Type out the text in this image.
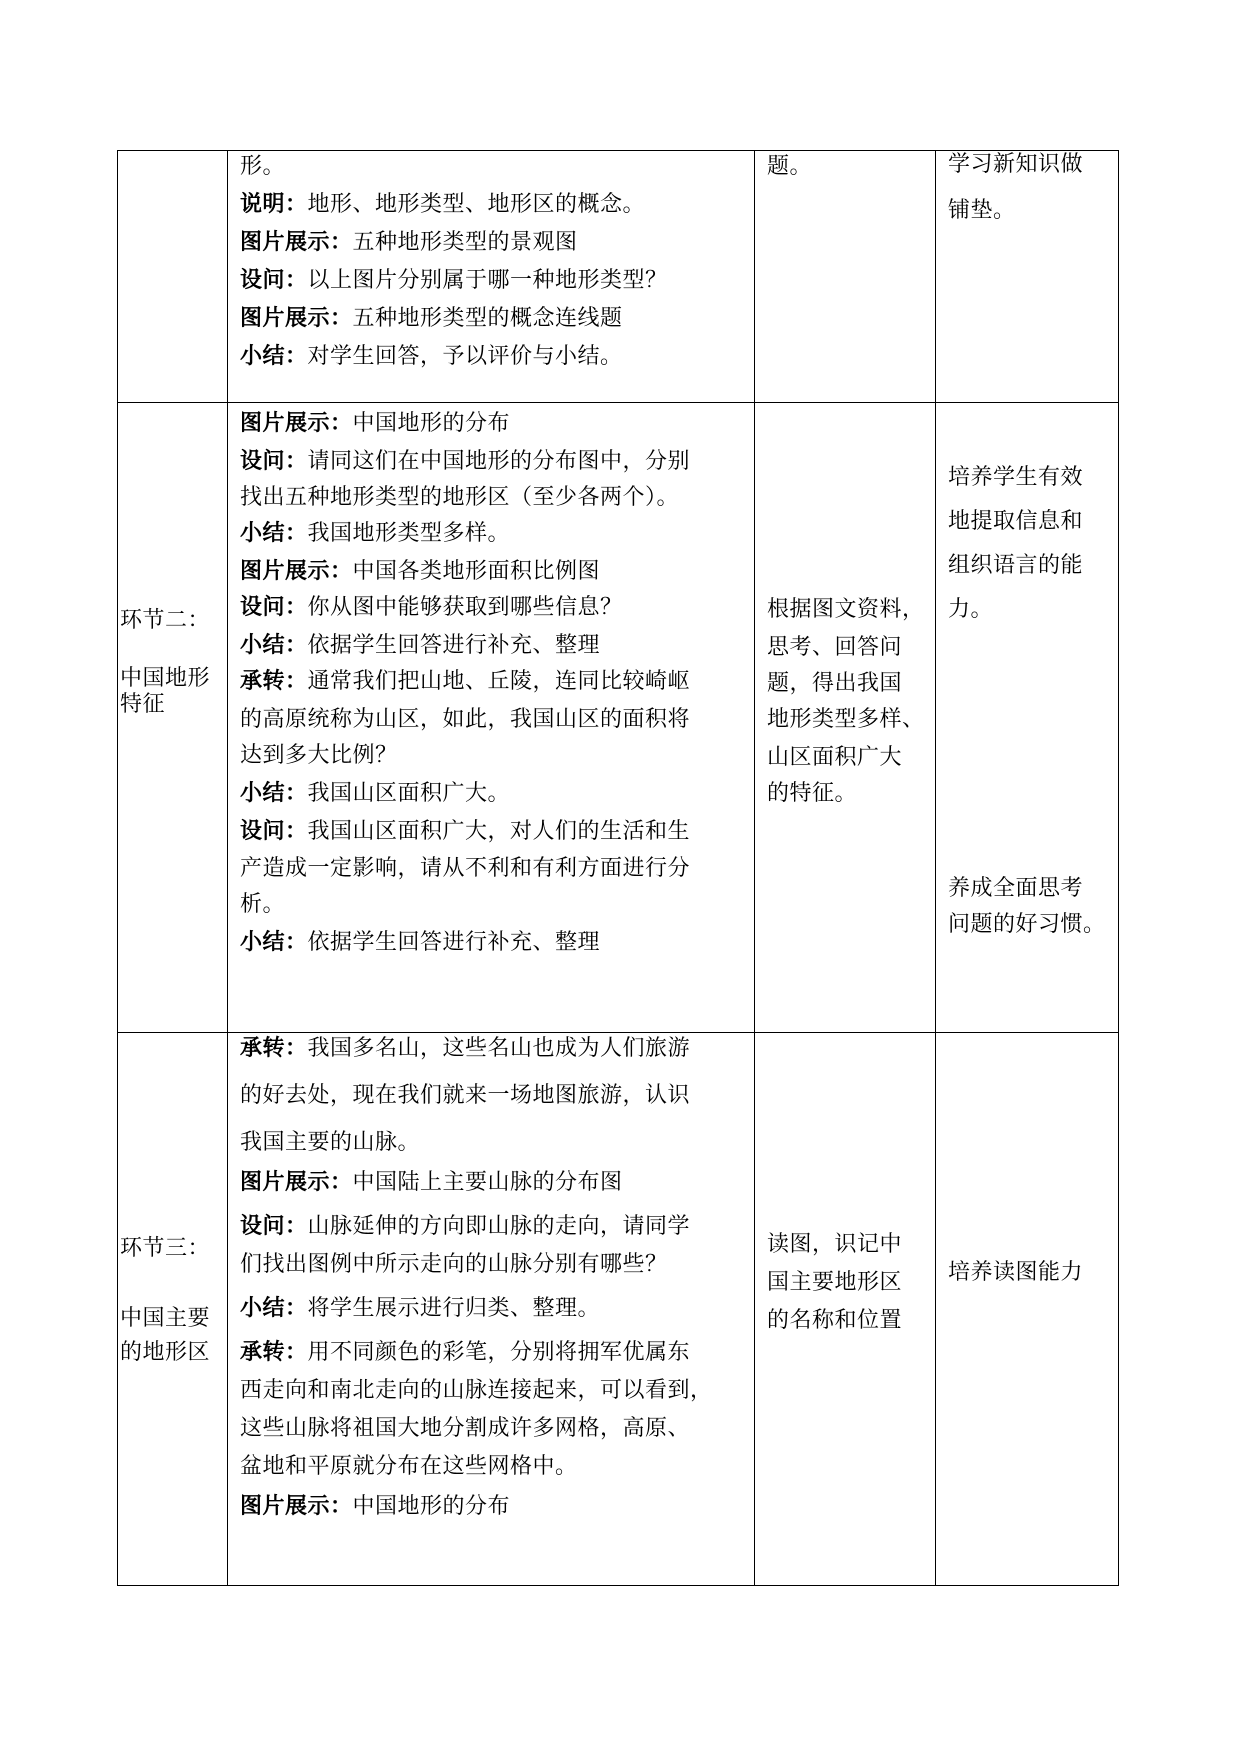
形。
说明：地形、地形类型、地形区的概念。
图片展示：五种地形类型的景观图
设问：以上图片分别属于哪一种地形类型？
图片展示：五种地形类型的概念连线题
小结：对学生回答，予以评价与小结。
题。	学习新知识做
铺垫。
环节二：
中国地形
特征
图片展示：中国地形的分布
设问：请同这们在中国地形的分布图中，分别
找出五种地形类型的地形区（至少各两个）。
小结：我国地形类型多样。
图片展示：中国各类地形面积比例图
设问：你从图中能够获取到哪些信息？
小结：依据学生回答进行补充、整理
承转：通常我们把山地、丘陵，连同比较崎岖
的高原统称为山区，如此，我国山区的面积将
达到多大比例？
小结：我国山区面积广大。
设问：我国山区面积广大，对人们的生活和生
产造成一定影响，请从不利和有利方面进行分
析。
小结：依据学生回答进行补充、整理
根据图文资料，
思考、回答问
题，得出我国
地形类型多样、
山区面积广大
的特征。
培养学生有效
地提取信息和
组织语言的能
力。
养成全面思考
问题的好习惯。
环节三：
中国主要
的地形区
承转：我国多名山，这些名山也成为人们旅游
的好去处，现在我们就来一场地图旅游，认识
我国主要的山脉。
图片展示：中国陆上主要山脉的分布图
设问：山脉延伸的方向即山脉的走向，请同学
们找出图例中所示走向的山脉分别有哪些？
小结：将学生展示进行归类、整理。
承转：用不同颜色的彩笔，分别将拥军优属东
西走向和南北走向的山脉连接起来，可以看到，
这些山脉将祖国大地分割成许多网格，高原、
盆地和平原就分布在这些网格中。
图片展示：中国地形的分布
读图，识记中
国主要地形区
的名称和位置
培养读图能力
